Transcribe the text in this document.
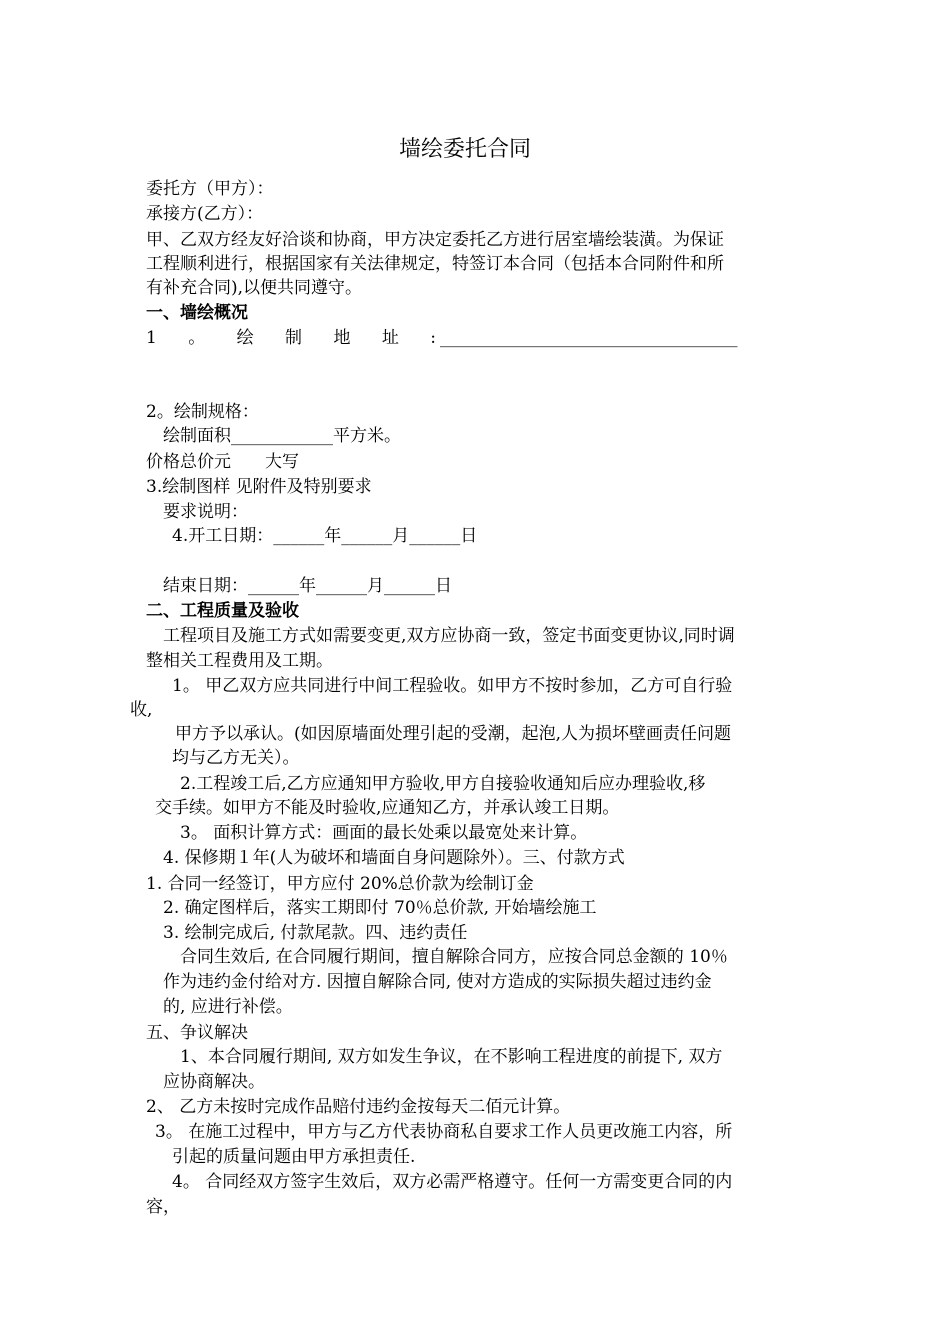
墙绘委托合同
委托方（甲方）：
承接方(乙方）：
甲、乙双方经友好洽谈和协商，甲方决定委托乙方进行居室墙绘装潢。为保证
工程顺利进行，根据国家有关法律规定，特签订本合同（包括本合同附件和所
有补充合同),以便共同遵守。
一、墙绘概况
1 。 绘 制 地 址 : ___________________________________
2。绘制规格：
绘制面积____________平方米。
价格总价元　　大写
3.绘制图样 见附件及特别要求
要求说明：
4.开工日期：______年______月______日
结束日期：______年______月______日
二、工程质量及验收
工程项目及施工方式如需要变更,双方应协商一致，签定书面变更协议,同时调
整相关工程费用及工期。
1。 甲乙双方应共同进行中间工程验收。如甲方不按时参加，乙方可自行验
收,
甲方予以承认。(如因原墙面处理引起的受潮，起泡,人为损坏壁画责任问题
均与乙方无关）。
2.工程竣工后,乙方应通知甲方验收,甲方自接验收通知后应办理验收,移
交手续。如甲方不能及时验收,应通知乙方，并承认竣工日期。
3。 面积计算方式：画面的最长处乘以最宽处来计算。
4. 保修期１年(人为破坏和墙面自身问题除外）。三、付款方式
1. 合同一经签订，甲方应付 20%总价款为绘制订金
2. 确定图样后，落实工期即付 70％总价款, 开始墙绘施工
3. 绘制完成后, 付款尾款。四、违约责任
合同生效后, 在合同履行期间，擅自解除合同方，应按合同总金额的 10％
作为违约金付给对方. 因擅自解除合同, 使对方造成的实际损失超过违约金
的, 应进行补偿。
五、争议解决
1、本合同履行期间, 双方如发生争议，在不影响工程进度的前提下, 双方
应协商解决。
2、 乙方未按时完成作品赔付违约金按每天二佰元计算。
3。 在施工过程中，甲方与乙方代表协商私自要求工作人员更改施工内容，所
引起的质量问题由甲方承担责任.
4。 合同经双方签字生效后，双方必需严格遵守。任何一方需变更合同的内
容，
